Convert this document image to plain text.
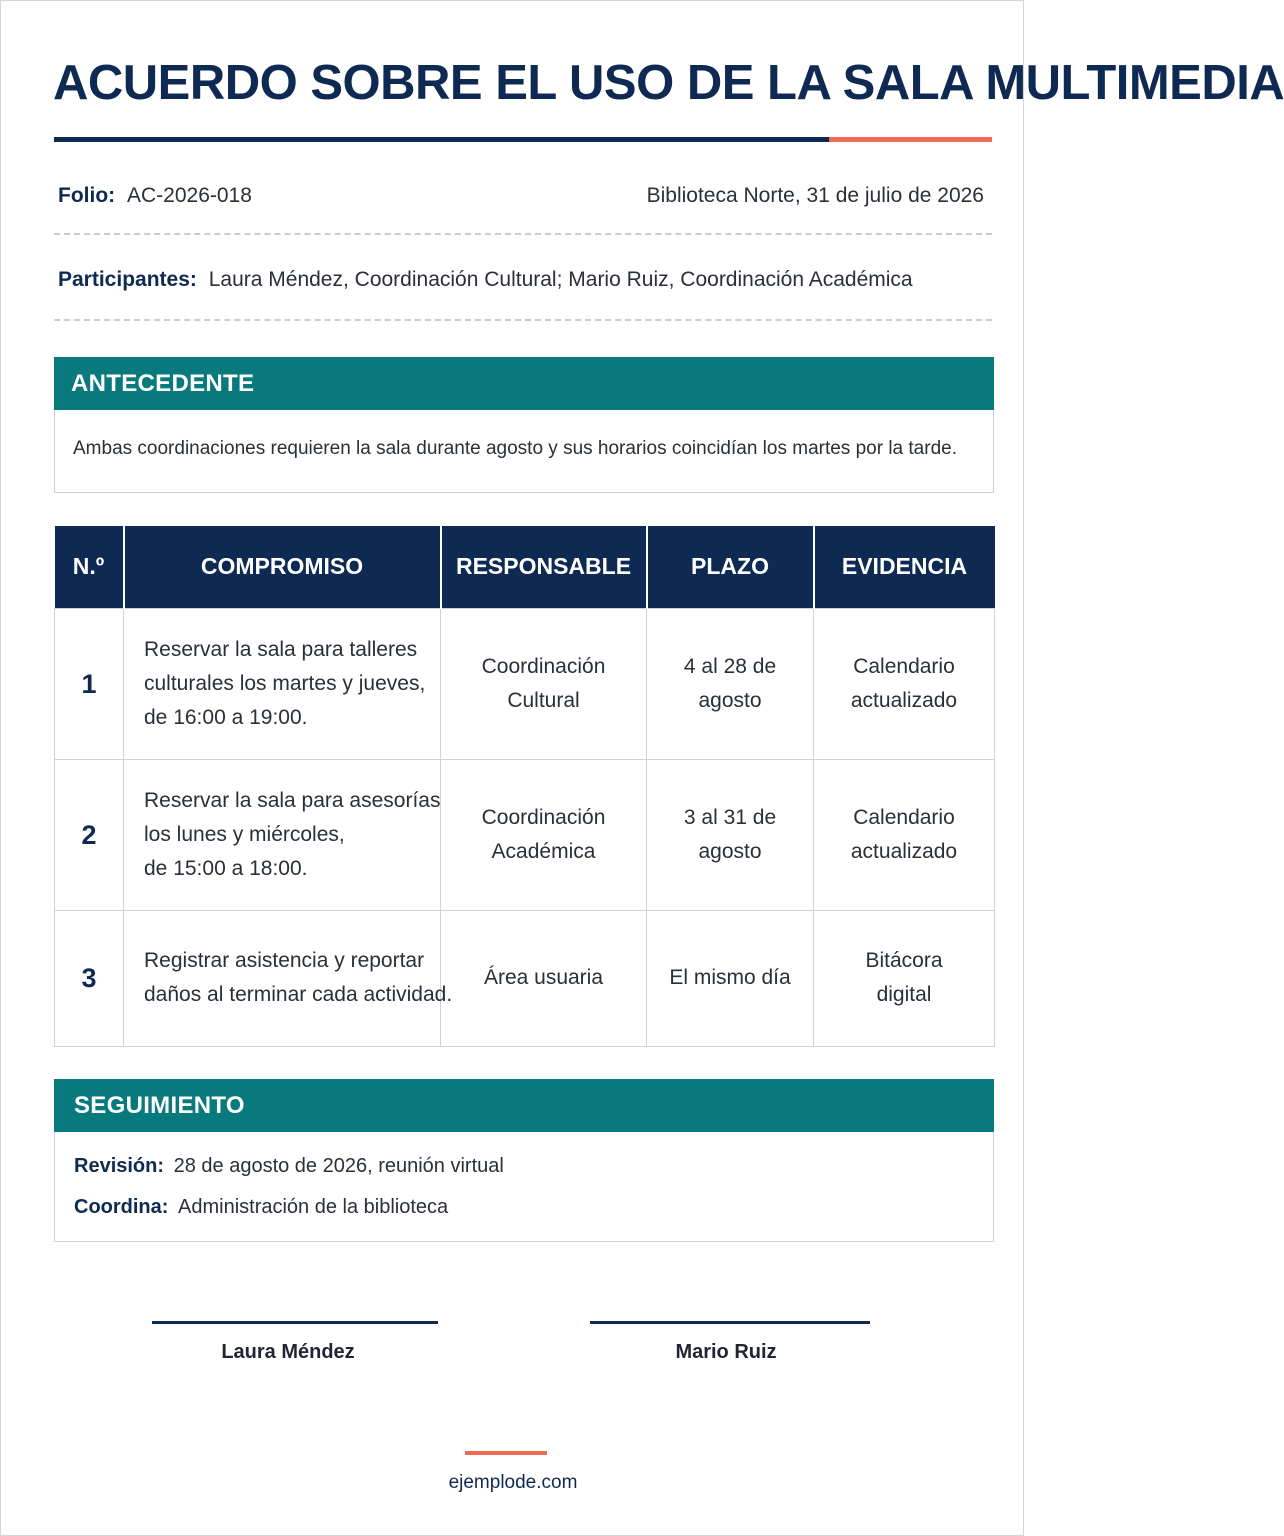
ACUERDO SOBRE EL USO DE LA SALA MULTIMEDIA
Folio: AC-2026-018	Biblioteca Norte, 31 de julio de 2026
Participantes: Laura Méndez, Coordinación Cultural; Mario Ruiz, Coordinación Académica
ANTECEDENTE
Ambas coordinaciones requieren la sala durante agosto y sus horarios coincidían los martes por la tarde.
N.º	COMPROMISO	RESPONSABLE	PLAZO	EVIDENCIA
1	Reservar la sala para talleres
culturales los martes y jueves,
de 16:00 a 19:00.	Coordinación
Cultural	4 al 28 de
agosto	Calendario
actualizado

2	Reservar la sala para asesorías
los lunes y miércoles,
de 15:00 a 18:00.	Coordinación
Académica	3 al 31 de
agosto	Calendario
actualizado

3	Registrar asistencia y reportar
daños al terminar cada actividad.	Área usuaria	El mismo día	Bitácora
digital
SEGUIMIENTO
Revisión: 28 de agosto de 2026, reunión virtual
Coordina: Administración de la biblioteca
Laura Méndez	Mario Ruiz
ejemplode.com
